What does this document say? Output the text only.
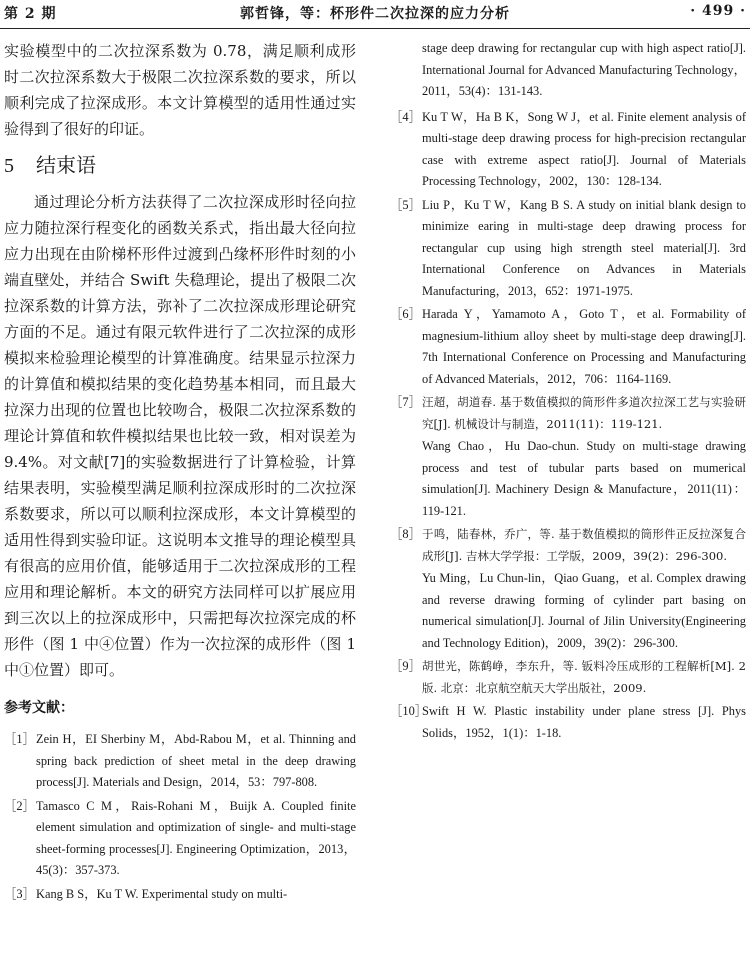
第 2 期	郭哲锋，等：杯形件二次拉深的应力分析	· 499 ·

实验模型中的二次拉深系数为 0.78，满足顺利成形时二次拉深系数大于极限二次拉深系数的要求，所以顺利完成了拉深成形。本文计算模型的适用性通过实验得到了很好的印证。

5 结束语

通过理论分析方法获得了二次拉深成形时径向拉应力随拉深行程变化的函数关系式，指出最大径向拉应力出现在由阶梯杯形件过渡到凸缘杯形件时刻的小端直壁处，并结合 Swift 失稳理论，提出了极限二次拉深系数的计算方法，弥补了二次拉深成形理论研究方面的不足。通过有限元软件进行了二次拉深的成形模拟来检验理论模型的计算准确度。结果显示拉深力的计算值和模拟结果的变化趋势基本相同，而且最大拉深力出现的位置也比较吻合，极限二次拉深系数的理论计算值和软件模拟结果也比较一致，相对误差为 9.4%。对文献[7]的实验数据进行了计算检验，计算结果表明，实验模型满足顺利拉深成形时的二次拉深系数要求，所以可以顺利拉深成形，本文计算模型的适用性得到实验印证。这说明本文推导的理论模型具有很高的应用价值，能够适用于二次拉深成形的工程应用和理论解析。本文的研究方法同样可以扩展应用到三次以上的拉深成形中，只需把每次拉深完成的杯形件（图 1 中④位置）作为一次拉深的成形件（图 1 中①位置）即可。

参考文献：
［1］ Zein H，EI Sherbiny M，Abd-Rabou M，et al. Thinning and spring back prediction of sheet metal in the deep drawing process[J]. Materials and Design，2014，53：797-808.
［2］ Tamasco C M，Rais-Rohani M，Buijk A. Coupled finite element simulation and optimization of single- and multi-stage sheet-forming processes[J]. Engineering Optimization，2013，45(3)：357-373.
［3］ Kang B S，Ku T W. Experimental study on multi-

stage deep drawing for rectangular cup with high aspect ratio[J]. International Journal for Advanced Manufacturing Technology，2011，53(4)：131-143.

［4］ Ku T W，Ha B K，Song W J，et al. Finite element analysis of multi-stage deep drawing process for high-precision rectangular case with extreme aspect ratio[J]. Journal of Materials Processing Technology，2002，130：128-134.
［5］ Liu P，Ku T W，Kang B S. A study on initial blank design to minimize earing in multi-stage deep drawing process for rectangular cup using high strength steel material[J]. 3rd International Conference on Advances in Materials Manufacturing，2013，652：1971-1975.
［6］ Harada Y，Yamamoto A，Goto T，et al. Formability of magnesium-lithium alloy sheet by multi-stage deep drawing[J]. 7th International Conference on Processing and Manufacturing of Advanced Materials，2012，706：1164-1169.
［7］ 汪超，胡道春. 基于数值模拟的筒形件多道次拉深工艺与实验研究[J]. 机械设计与制造，2011(11)：119-121.
Wang Chao，Hu Dao-chun. Study on multi-stage drawing process and test of tubular parts based on mumerical simulation[J]. Machinery Design & Manufacture，2011(11)：119-121.
［8］ 于鸣，陆春林，乔广，等. 基于数值模拟的筒形件正反拉深复合成形[J]. 吉林大学学报：工学版，2009，39(2)：296-300.
Yu Ming，Lu Chun-lin，Qiao Guang，et al. Complex drawing and reverse drawing forming of cylinder part basing on numerical simulation[J]. Journal of Jilin University(Engineering and Technology Edition)，2009，39(2)：296-300.
［9］ 胡世光，陈鹤峥，李东升，等. 钣料冷压成形的工程解析[M]. 2 版. 北京：北京航空航天大学出版社，2009.
［10］
Swift H W. Plastic instability under plane stress [J]. Phys Solids，1952，1(1)：1-18.
